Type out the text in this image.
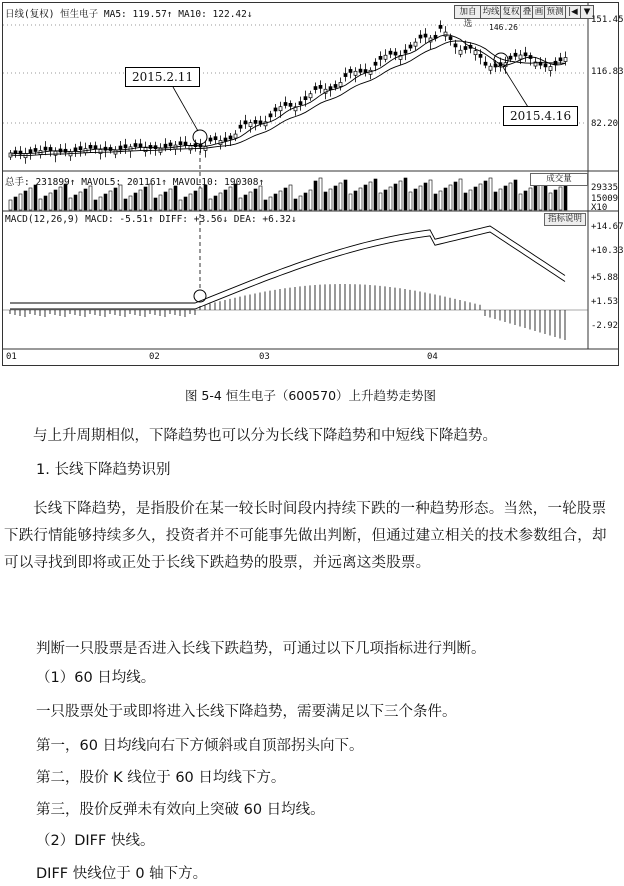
日线(复权) 恒生电子 MA5: 119.57↑ MA10: 122.42↓	加自选
均线 复权 叠 画 预测 |◀ ▼
151.45
116.83
82.20
146.26
总手: 231899↑ MAVOL5: 201161↑ MAVOL10: 190308↑	成交量
29335
15009
X10
MACD(12,26,9) MACD: -5.51↑ DIFF: +3.56↓ DEA: +6.32↓	指标说明
+14.67
+10.33
+5.88
+1.53
-2.92
01	02	03	04
2015.2.11
2015.4.16
图 5-4 恒生电子（600570）上升趋势走势图
与上升周期相似，下降趋势也可以分为长线下降趋势和中短线下降趋势。
1. 长线下降趋势识别
长线下降趋势，是指股价在某一较长时间段内持续下跌的一种趋势形态。当然，一轮股票下跌行情能够持续多久，投资者并不可能事先做出判断，但通过建立相关的技术参数组合，却可以寻找到即将或正处于长线下跌趋势的股票，并远离这类股票。
判断一只股票是否进入长线下跌趋势，可通过以下几项指标进行判断。
（1）60 日均线。
一只股票处于或即将进入长线下降趋势，需要满足以下三个条件。
第一，60 日均线向右下方倾斜或自顶部拐头向下。
第二，股价 K 线位于 60 日均线下方。
第三，股价反弹未有效向上突破 60 日均线。
（2）DIFF 快线。
DIFF 快线位于 0 轴下方。
